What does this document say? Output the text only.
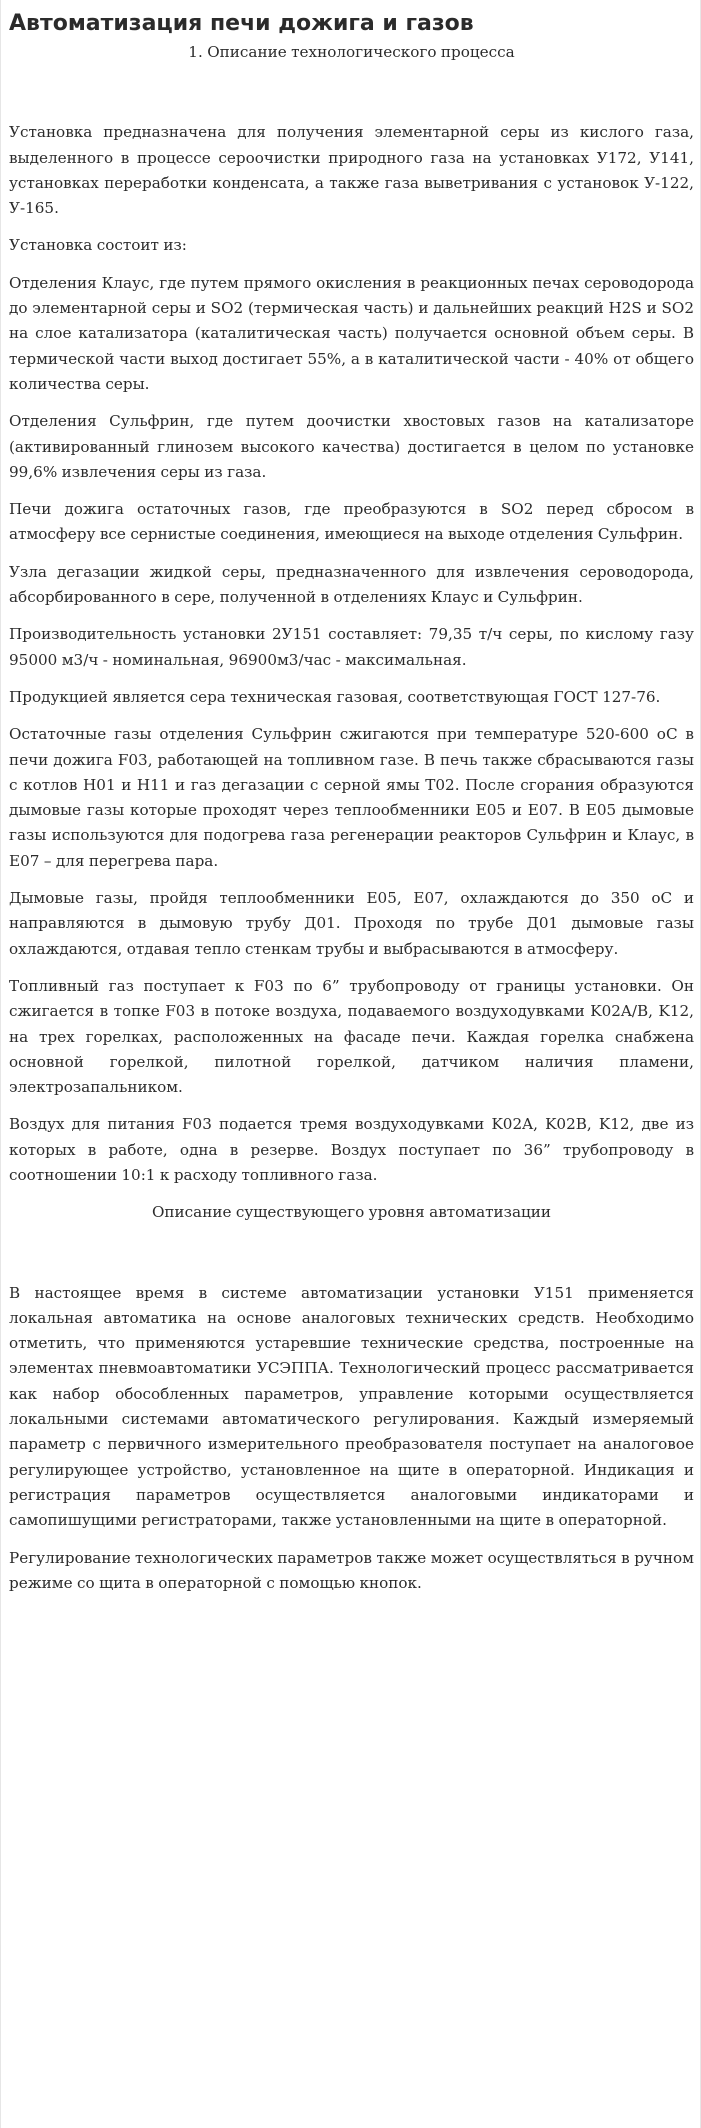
Автоматизация печи дожига и газов

1. Описание технологического процесса

Установка предназначена для получения элементарной серы из кислого газа, выделенного в процессе сероочистки природного газа на установках У172, У141, установках переработки конденсата, а также газа выветривания с установок У-122, У-165.

Установка состоит из:

Отделения Клаус, где путем прямого окисления в реакционных печах сероводорода до элементарной серы и SO2 (термическая часть) и дальнейших реакций H2S и SO2 на слое катализатора (каталитическая часть) получается основной объем серы. В термической части выход достигает 55%, а в каталитической части - 40% от общего количества серы.

Отделения Сульфрин, где путем доочистки хвостовых газов на катализаторе (активированный глинозем высокого качества) достигается в целом по установке 99,6% извлечения серы из газа.

Печи дожига остаточных газов, где преобразуются в SO2 перед сбросом в атмосферу все сернистые соединения, имеющиеся на выходе отделения Сульфрин.

Узла дегазации жидкой серы, предназначенного для извлечения сероводорода, абсорбированного в сере, полученной в отделениях Клаус и Сульфрин.

Производительность установки 2У151 составляет: 79,35 т/ч серы, по кислому газу 95000 м3/ч - номинальная, 96900м3/час - максимальная.

Продукцией является сера техническая газовая, соответствующая ГОСТ 127-76.

Остаточные газы отделения Сульфрин сжигаются при температуре 520-600 оС в печи дожига F03, работающей на топливном газе. В печь также сбрасываются газы с котлов H01 и H11 и газ дегазации с серной ямы Т02. После сгорания образуются дымовые газы которые проходят через теплообменники Е05 и Е07. В Е05 дымовые газы используются для подогрева газа регенерации реакторов Сульфрин и Клаус, в Е07 – для перегрева пара.

Дымовые газы, пройдя теплообменники Е05, Е07, охлаждаются до 350 оС и направляются в дымовую трубу Д01. Проходя по трубе Д01 дымовые газы охлаждаются, отдавая тепло стенкам трубы и выбрасываются в атмосферу.

Топливный газ поступает к F03 по 6” трубопроводу от границы установки. Он сжигается в топке F03 в потоке воздуха, подаваемого воздуходувками K02A/B, K12, на трех горелках, расположенных на фасаде печи. Каждая горелка снабжена основной горелкой, пилотной горелкой, датчиком наличия пламени, электрозапальником.

Воздух для питания F03 подается тремя воздуходувками K02A, K02B, K12, две из которых в работе, одна в резерве. Воздух поступает по 36” трубопроводу в соотношении 10:1 к расходу топливного газа.

Описание существующего уровня автоматизации

В настоящее время в системе автоматизации установки У151 применяется локальная автоматика на основе аналоговых технических средств. Необходимо отметить, что применяются устаревшие технические средства, построенные на элементах пневмоавтоматики УСЭППА. Технологический процесс рассматривается как набор обособленных параметров, управление которыми осуществляется локальными системами автоматического регулирования. Каждый измеряемый параметр с первичного измерительного преобразователя поступает на аналоговое регулирующее устройство, установленное на щите в операторной. Индикация и регистрация параметров осуществляется аналоговыми индикаторами и самопишущими регистраторами, также установленными на щите в операторной.

Регулирование технологических параметров также может осуществляться в ручном режиме со щита в операторной с помощью кнопок.
